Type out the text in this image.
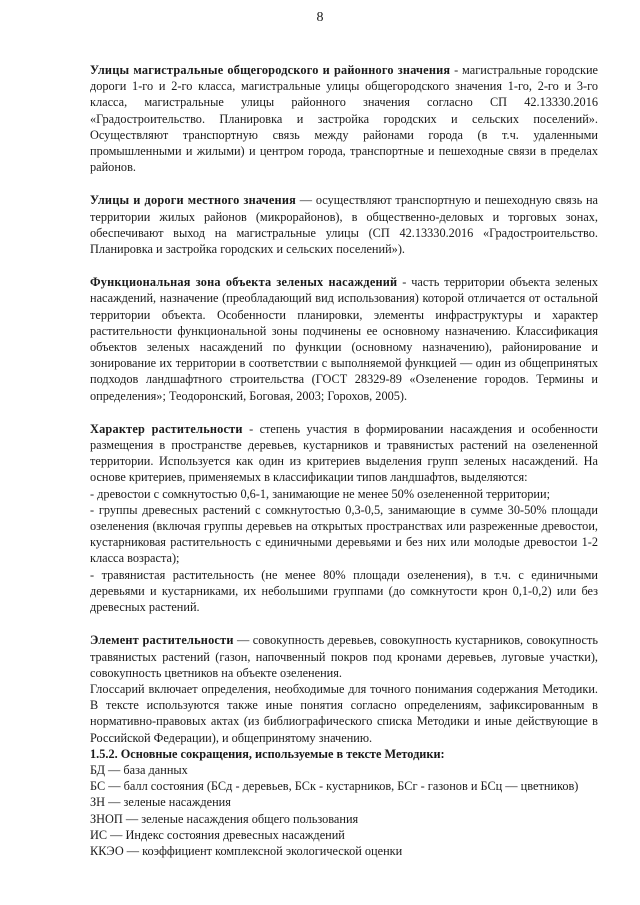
8

Улицы магистральные общегородского и районного значения - магистральные городские дороги 1-го и 2-го класса, магистральные улицы общегородского значения 1-го, 2-го и 3-го класса, магистральные улицы районного значения согласно СП 42.13330.2016 «Градостроительство. Планировка и застройка городских и сельских поселений». Осуществляют транспортную связь между районами города (в т.ч. удаленными промышленными и жилыми) и центром города, транспортные и пешеходные связи в пределах районов.

Улицы и дороги местного значения — осуществляют транспортную и пешеходную связь на территории жилых районов (микрорайонов), в общественно-деловых и торговых зонах, обеспечивают выход на магистральные улицы (СП 42.13330.2016 «Градостроительство. Планировка и застройка городских и сельских поселений»).

Функциональная зона объекта зеленых насаждений - часть территории объекта зеленых насаждений, назначение (преобладающий вид использования) которой отличается от остальной территории объекта. Особенности планировки, элементы инфраструктуры и характер растительности функциональной зоны подчинены ее основному назначению. Классификация объектов зеленых насаждений по функции (основному назначению), районирование и зонирование их территории в соответствии с выполняемой функцией — один из общепринятых подходов ландшафтного строительства (ГОСТ 28329-89 «Озеленение городов. Термины и определения»; Теодоронский, Боговая, 2003; Горохов, 2005).

Характер растительности - степень участия в формировании насаждения и особенности размещения в пространстве деревьев, кустарников и травянистых растений на озелененной территории. Используется как один из критериев выделения групп зеленых насаждений. На основе критериев, применяемых в классификации типов ландшафтов, выделяются:

- древостои с сомкнутостью 0,6-1, занимающие не менее 50% озелененной территории;

- группы древесных растений с сомкнутостью 0,3-0,5, занимающие в сумме 30-50% площади озеленения (включая группы деревьев на открытых пространствах или разреженные древостои, кустарниковая растительность с единичными деревьями и без них или молодые древостои 1-2 класса возраста);

- травянистая растительность (не менее 80% площади озеленения), в т.ч. с единичными деревьями и кустарниками, их небольшими группами (до сомкнутости крон 0,1-0,2) или без древесных растений.

Элемент растительности — совокупность деревьев, совокупность кустарников, совокупность травянистых растений (газон, напочвенный покров под кронами деревьев, луговые участки), совокупность цветников на объекте озеленения.

Глоссарий включает определения, необходимые для точного понимания содержания Методики. В тексте используются также иные понятия согласно определениям, зафиксированным в нормативно-правовых актах (из библиографического списка Методики и иные действующие в Российской Федерации), и общепринятому значению.

1.5.2. Основные сокращения, используемые в тексте Методики:

БД — база данных

БС — балл состояния (БСд - деревьев, БСк - кустарников, БСг - газонов и БСц — цветников)

ЗН — зеленые насаждения

ЗНОП — зеленые насаждения общего пользования

ИС — Индекс состояния древесных насаждений

ККЭО — коэффициент комплексной экологической оценки
